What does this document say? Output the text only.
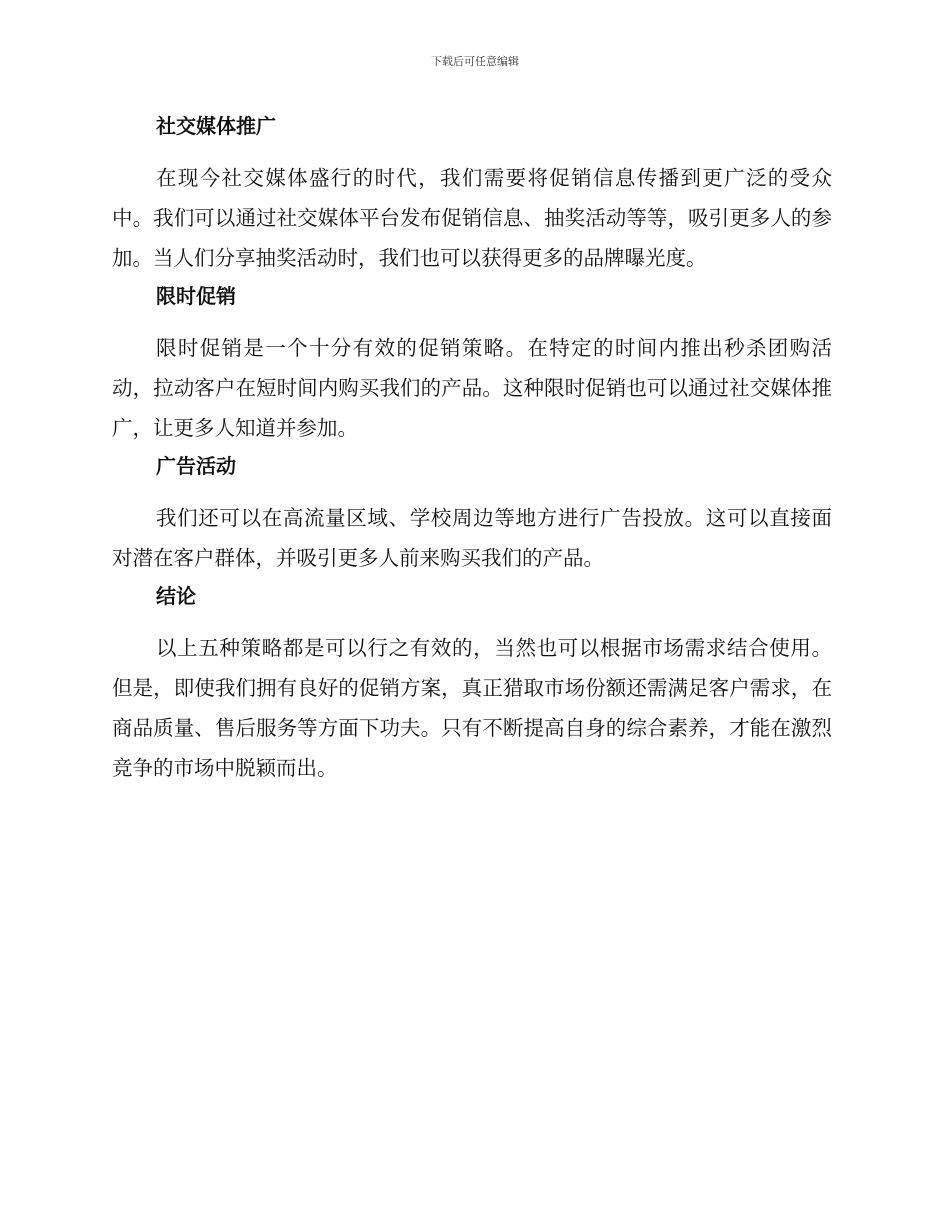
下载后可任意编辑
社交媒体推广

在现今社交媒体盛行的时代，我们需要将促销信息传播到更广泛的受众中。我们可以通过社交媒体平台发布促销信息、抽奖活动等等，吸引更多人的参加。当人们分享抽奖活动时，我们也可以获得更多的品牌曝光度。

限时促销

限时促销是一个十分有效的促销策略。在特定的时间内推出秒杀团购活动，拉动客户在短时间内购买我们的产品。这种限时促销也可以通过社交媒体推广，让更多人知道并参加。

广告活动

我们还可以在高流量区域、学校周边等地方进行广告投放。这可以直接面对潜在客户群体，并吸引更多人前来购买我们的产品。

结论

以上五种策略都是可以行之有效的，当然也可以根据市场需求结合使用。但是，即使我们拥有良好的促销方案，真正猎取市场份额还需满足客户需求，在商品质量、售后服务等方面下功夫。只有不断提高自身的综合素养，才能在激烈竞争的市场中脱颖而出。
